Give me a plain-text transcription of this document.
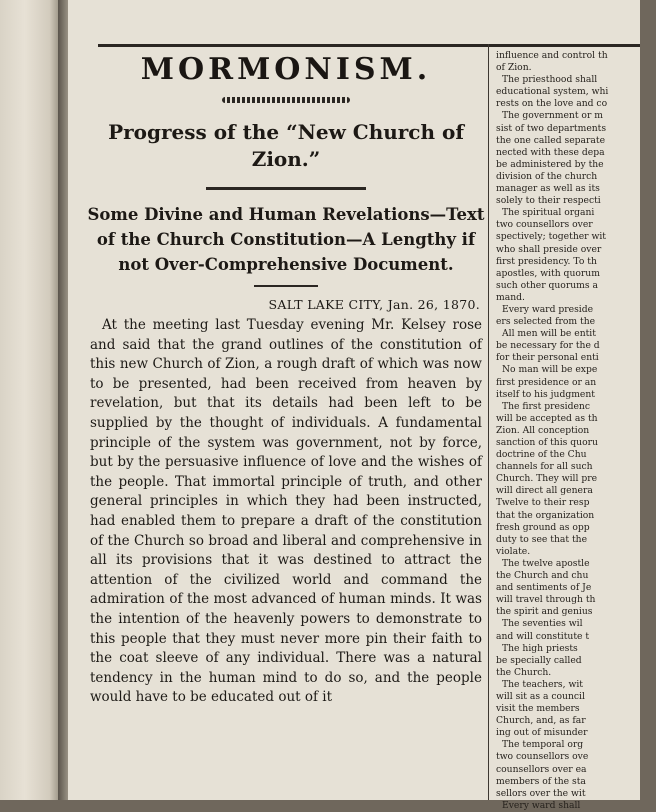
MORMONISM.
Progress of the “New Church of Zion.”
Some Divine and Human Revelations—Text of the Church Constitution—A Lengthy if not Over-Comprehensive Document.
SALT LAKE CITY, Jan. 26, 1870.

At the meeting last Tuesday evening Mr. Kelsey rose and said that the grand outlines of the constitution of this new Church of Zion, a rough draft of which was now to be presented, had been received from heaven by revelation, but that its details had been left to be supplied by the thought of individuals. A fundamental principle of the system was government, not by force, but by the persuasive influence of love and the wishes of the people. That immortal principle of truth, and other general principles in which they had been instructed, had enabled them to prepare a draft of the constitution of the Church so broad and liberal and comprehensive in all its provisions that it was destined to attract the attention of the civilized world and command the admiration of the most advanced of human minds. It was the intention of the heavenly powers to demonstrate to this people that they must never more pin their faith to the coat sleeve of any individual. There was a natural tendency in the human mind to do so, and the people would have to be educated out of it

influence and control th

of Zion.

The priesthood shall

educational system, whi

rests on the love and co

The government or m

sist of two departments

the one called separate

nected with these depa

be administered by the

division of the church

manager as well as its

solely to their respecti

The spiritual organi

two counsellors over

spectively; together wit

who shall preside over

first presidency. To th

apostles, with quorum

such other quorums a

mand.

Every ward preside

ers selected from the

All men will be entit

be necessary for the d

for their personal enti

No man will be expe

first presidence or an

itself to his judgment

The first presidenc

will be accepted as th

Zion. All conception

sanction of this quoru

doctrine of the Chu

channels for all such

Church. They will pre

will direct all genera

Twelve to their resp

that the organization

fresh ground as opp

duty to see that the

violate.

The twelve apostle

the Church and chu

and sentiments of Je

will travel through th

the spirit and genius

The seventies wil

and will constitute t

The high priests

be specially called

the Church.

The teachers, wit

will sit as a council

visit the members

Church, and, as far

ing out of misunder

The temporal org

two counsellors ove

counsellors over ea

members of the sta

sellors over the wit

Every ward shall
